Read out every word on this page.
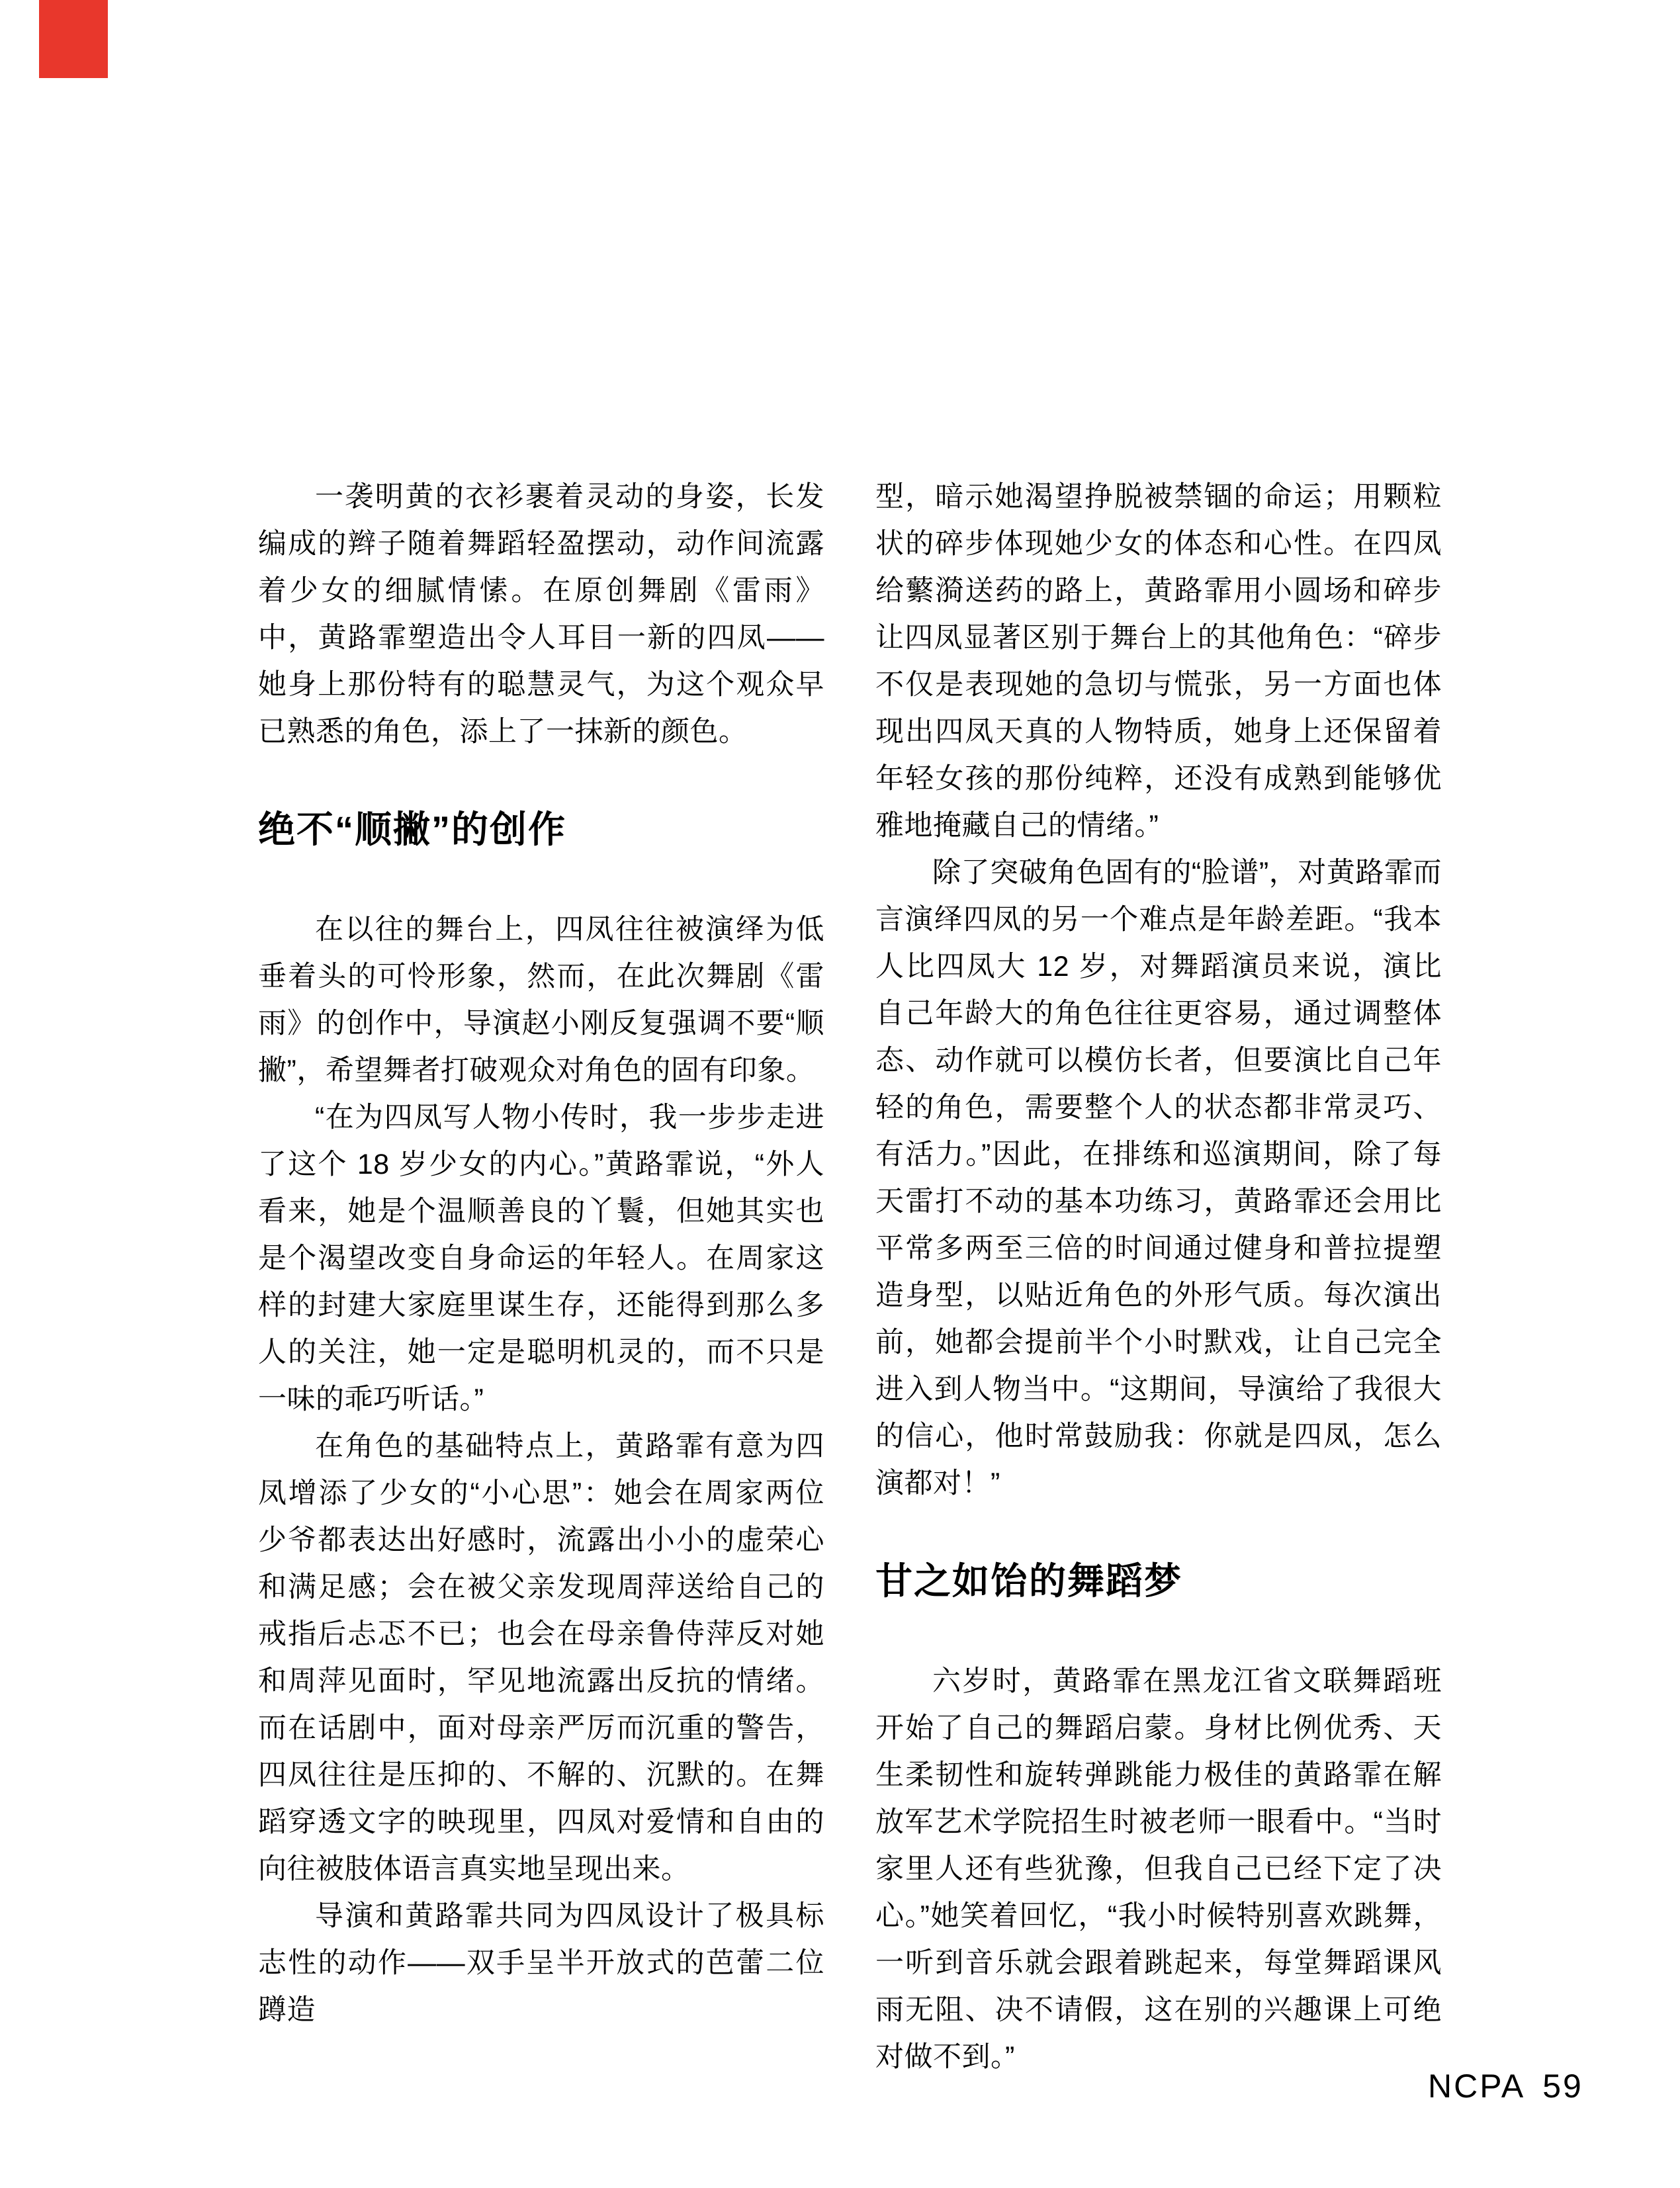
一袭明黄的衣衫裹着灵动的身姿，长发编成的辫子随着舞蹈轻盈摆动，动作间流露着少女的细腻情愫。在原创舞剧《雷雨》中，黄路霏塑造出令人耳目一新的四凤——她身上那份特有的聪慧灵气，为这个观众早已熟悉的角色，添上了一抹新的颜色。

绝不“顺撇”的创作

在以往的舞台上，四凤往往被演绎为低垂着头的可怜形象，然而，在此次舞剧《雷雨》的创作中，导演赵小刚反复强调不要“顺撇”，希望舞者打破观众对角色的固有印象。

“在为四凤写人物小传时，我一步步走进了这个 18 岁少女的内心。”黄路霏说，“外人看来，她是个温顺善良的丫鬟，但她其实也是个渴望改变自身命运的年轻人。在周家这样的封建大家庭里谋生存，还能得到那么多人的关注，她一定是聪明机灵的，而不只是一味的乖巧听话。”

在角色的基础特点上，黄路霏有意为四凤增添了少女的“小心思”：她会在周家两位少爷都表达出好感时，流露出小小的虚荣心和满足感；会在被父亲发现周萍送给自己的戒指后忐忑不已；也会在母亲鲁侍萍反对她和周萍见面时，罕见地流露出反抗的情绪。而在话剧中，面对母亲严厉而沉重的警告，四凤往往是压抑的、不解的、沉默的。在舞蹈穿透文字的映现里，四凤对爱情和自由的向往被肢体语言真实地呈现出来。

导演和黄路霏共同为四凤设计了极具标志性的动作——双手呈半开放式的芭蕾二位蹲造

型，暗示她渴望挣脱被禁锢的命运；用颗粒状的碎步体现她少女的体态和心性。在四凤给蘩漪送药的路上，黄路霏用小圆场和碎步让四凤显著区别于舞台上的其他角色：“碎步不仅是表现她的急切与慌张，另一方面也体现出四凤天真的人物特质，她身上还保留着年轻女孩的那份纯粹，还没有成熟到能够优雅地掩藏自己的情绪。”

除了突破角色固有的“脸谱”，对黄路霏而言演绎四凤的另一个难点是年龄差距。“我本人比四凤大 12 岁，对舞蹈演员来说，演比自己年龄大的角色往往更容易，通过调整体态、动作就可以模仿长者，但要演比自己年轻的角色，需要整个人的状态都非常灵巧、有活力。”因此，在排练和巡演期间，除了每天雷打不动的基本功练习，黄路霏还会用比平常多两至三倍的时间通过健身和普拉提塑造身型，以贴近角色的外形气质。每次演出前，她都会提前半个小时默戏，让自己完全进入到人物当中。“这期间，导演给了我很大的信心，他时常鼓励我：你就是四凤，怎么演都对！”

甘之如饴的舞蹈梦

六岁时，黄路霏在黑龙江省文联舞蹈班开始了自己的舞蹈启蒙。身材比例优秀、天生柔韧性和旋转弹跳能力极佳的黄路霏在解放军艺术学院招生时被老师一眼看中。“当时家里人还有些犹豫，但我自己已经下定了决心。”她笑着回忆，“我小时候特别喜欢跳舞，一听到音乐就会跟着跳起来，每堂舞蹈课风雨无阻、决不请假，这在别的兴趣课上可绝对做不到。”

NCPA 59
